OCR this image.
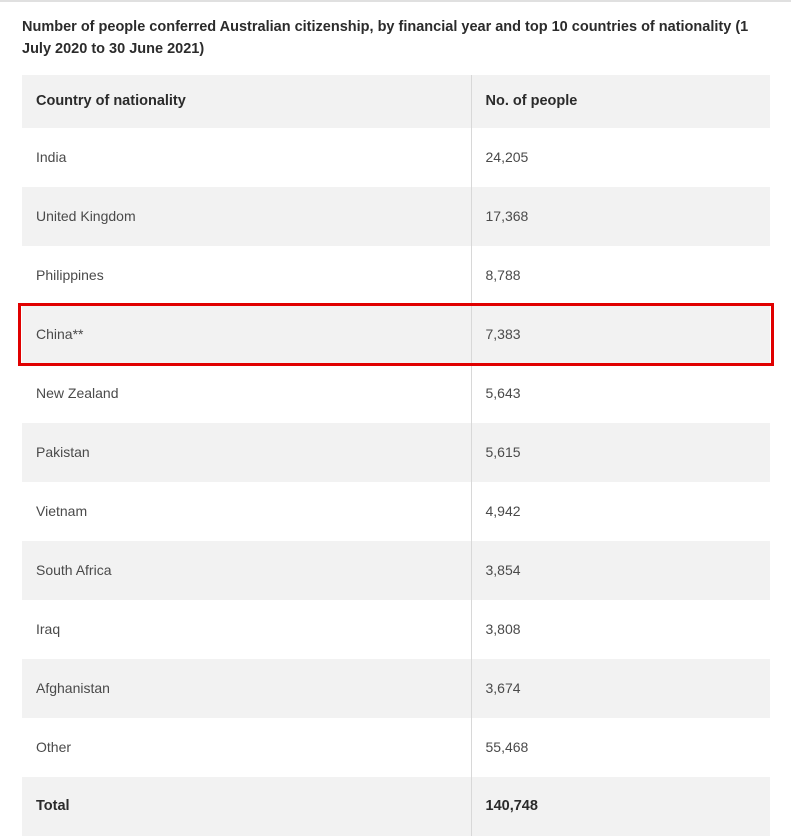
Number of people conferred Australian citizenship, by financial year and top 10 countries of nationality (1 July 2020 to 30 June 2021)
Country of nationality	No. of people
India	24,205
United Kingdom	17,368
Philippines	8,788
China**	7,383
New Zealand	5,643
Pakistan	5,615
Vietnam	4,942
South Africa	3,854
Iraq	3,808
Afghanistan	3,674
Other	55,468
Total	140,748
